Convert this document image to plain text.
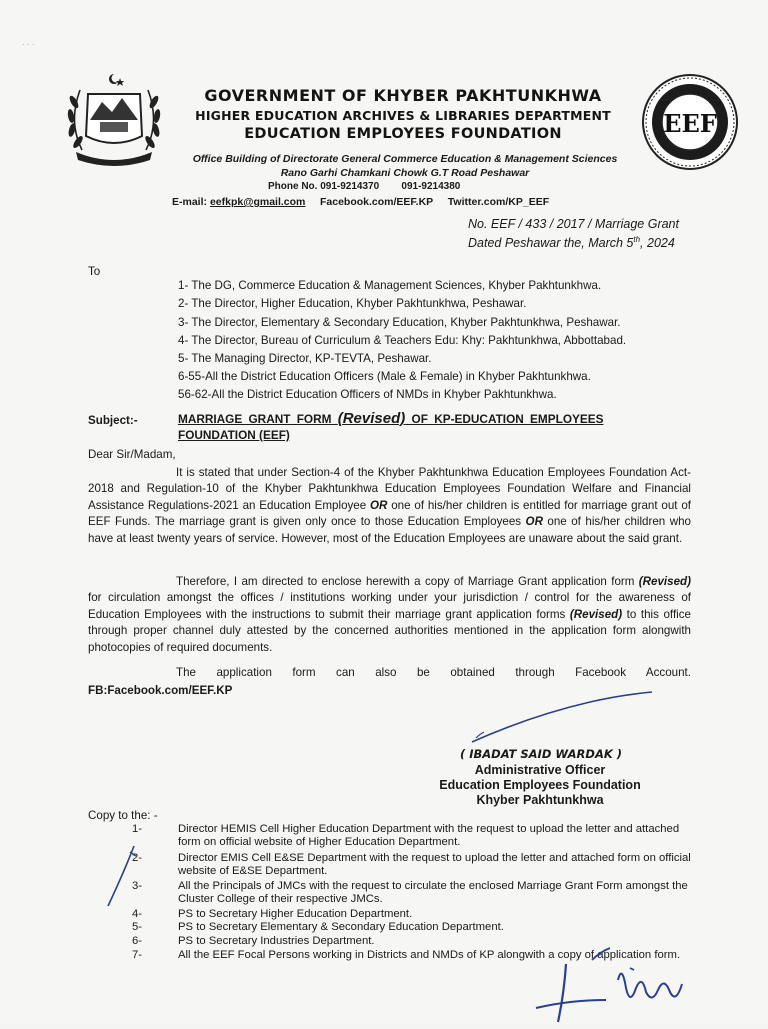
EEF
· · ·
GOVERNMENT OF KHYBER PAKHTUNKHWA
HIGHER EDUCATION ARCHIVES & LIBRARIES DEPARTMENT
EDUCATION EMPLOYEES FOUNDATION
Office Building of Directorate General Commerce Education & Management Sciences
Rano Garhi Chamkani Chowk G.T Road Peshawar
Phone No. 091-9214370 091-9214380
E-mail: eefkpk@gmail.com Facebook.com/EEF.KP Twitter.com/KP_EEF
No. EEF / 433 / 2017 / Marriage Grant
Dated Peshawar the, March 5th, 2024
To
1- The DG, Commerce Education & Management Sciences, Khyber Pakhtunkhwa.
2- The Director, Higher Education, Khyber Pakhtunkhwa, Peshawar.
3- The Director, Elementary & Secondary Education, Khyber Pakhtunkhwa, Peshawar.
4- The Director, Bureau of Curriculum & Teachers Edu: Khy: Pakhtunkhwa, Abbottabad.
5- The Managing Director, KP-TEVTA, Peshawar.
6-55-All the District Education Officers (Male & Female) in Khyber Pakhtunkhwa.
56-62-All the District Education Officers of NMDs in Khyber Pakhtunkhwa.
Subject:-	MARRIAGE GRANT FORM (Revised) OF KP-EDUCATION EMPLOYEES
FOUNDATION (EEF)
Dear Sir/Madam,
It is stated that under Section-4 of the Khyber Pakhtunkhwa Education Employees Foundation Act-2018 and Regulation-10 of the Khyber Pakhtunkhwa Education Employees Foundation Welfare and Financial Assistance Regulations-2021 an Education Employee OR one of his/her children is entitled for marriage grant out of EEF Funds. The marriage grant is given only once to those Education Employees OR one of his/her children who have at least twenty years of service. However, most of the Education Employees are unaware about the said grant.
Therefore, I am directed to enclose herewith a copy of Marriage Grant application form (Revised) for circulation amongst the offices / institutions working under your jurisdiction / control for the awareness of Education Employees with the instructions to submit their marriage grant application forms (Revised) to this office through proper channel duly attested by the concerned authorities mentioned in the application form alongwith photocopies of required documents.
The application form can also be obtained through Facebook Account.
FB:Facebook.com/EEF.KP
( IBADAT SAID WARDAK )
Administrative Officer
Education Employees Foundation
Khyber Pakhtunkhwa
Copy to the: -
1-	Director HEMIS Cell Higher Education Department with the request to upload the letter and attached form on official website of Higher Education Department.
2-	Director EMIS Cell E&SE Department with the request to upload the letter and attached form on official website of E&SE Department.
3-	All the Principals of JMCs with the request to circulate the enclosed Marriage Grant Form amongst the Cluster College of their respective JMCs.
4-	PS to Secretary Higher Education Department.
5-	PS to Secretary Elementary & Secondary Education Department.
6-	PS to Secretary Industries Department.
7-	All the EEF Focal Persons working in Districts and NMDs of KP alongwith a copy of application form.
